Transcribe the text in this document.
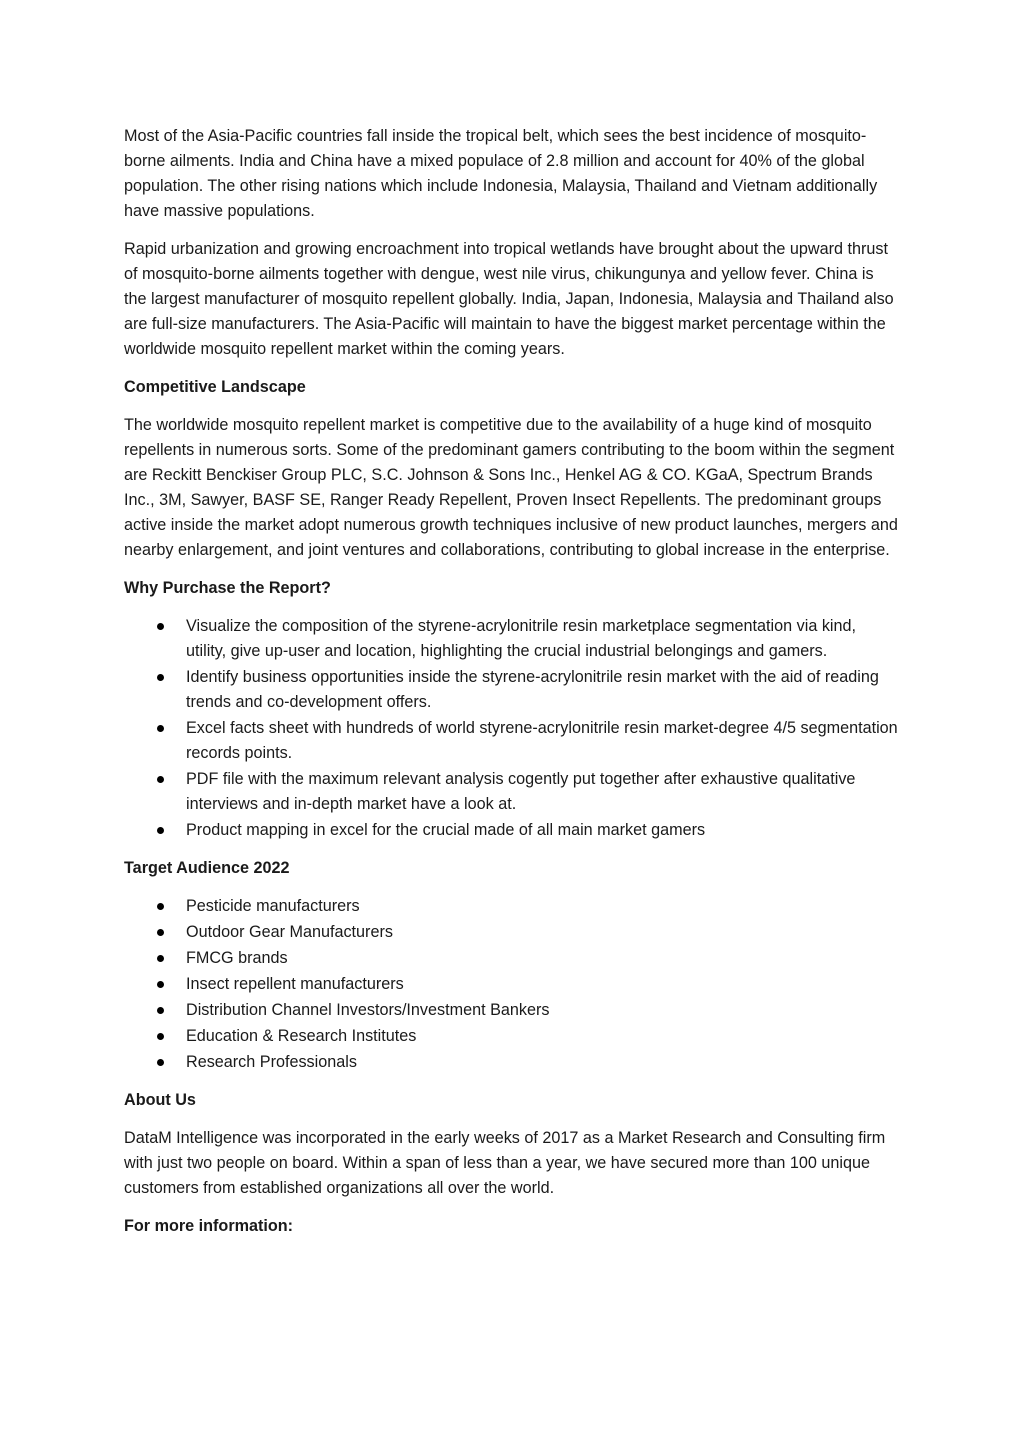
Most of the Asia-Pacific countries fall inside the tropical belt, which sees the best incidence of mosquito-borne ailments. India and China have a mixed populace of 2.8 million and account for 40% of the global population. The other rising nations which include Indonesia, Malaysia, Thailand and Vietnam additionally have massive populations.

Rapid urbanization and growing encroachment into tropical wetlands have brought about the upward thrust of mosquito-borne ailments together with dengue, west nile virus, chikungunya and yellow fever. China is the largest manufacturer of mosquito repellent globally. India, Japan, Indonesia, Malaysia and Thailand also are full-size manufacturers. The Asia-Pacific will maintain to have the biggest market percentage within the worldwide mosquito repellent market within the coming years.

Competitive Landscape

The worldwide mosquito repellent market is competitive due to the availability of a huge kind of mosquito repellents in numerous sorts. Some of the predominant gamers contributing to the boom within the segment are Reckitt Benckiser Group PLC, S.C. Johnson & Sons Inc., Henkel AG & CO. KGaA, Spectrum Brands Inc., 3M, Sawyer, BASF SE, Ranger Ready Repellent, Proven Insect Repellents. The predominant groups active inside the market adopt numerous growth techniques inclusive of new product launches, mergers and nearby enlargement, and joint ventures and collaborations, contributing to global increase in the enterprise.

Why Purchase the Report?
Visualize the composition of the styrene-acrylonitrile resin marketplace segmentation via kind, utility, give up-user and location, highlighting the crucial industrial belongings and gamers.
Identify business opportunities inside the styrene-acrylonitrile resin market with the aid of reading trends and co-development offers.
Excel facts sheet with hundreds of world styrene-acrylonitrile resin market-degree 4/5 segmentation records points.
PDF file with the maximum relevant analysis cogently put together after exhaustive qualitative interviews and in-depth market have a look at.
Product mapping in excel for the crucial made of all main market gamers
Target Audience 2022
Pesticide manufacturers
Outdoor Gear Manufacturers
FMCG brands
Insect repellent manufacturers
Distribution Channel Investors/Investment Bankers
Education & Research Institutes
Research Professionals
About Us

DataM Intelligence was incorporated in the early weeks of 2017 as a Market Research and Consulting firm with just two people on board. Within a span of less than a year, we have secured more than 100 unique customers from established organizations all over the world.

For more information:
